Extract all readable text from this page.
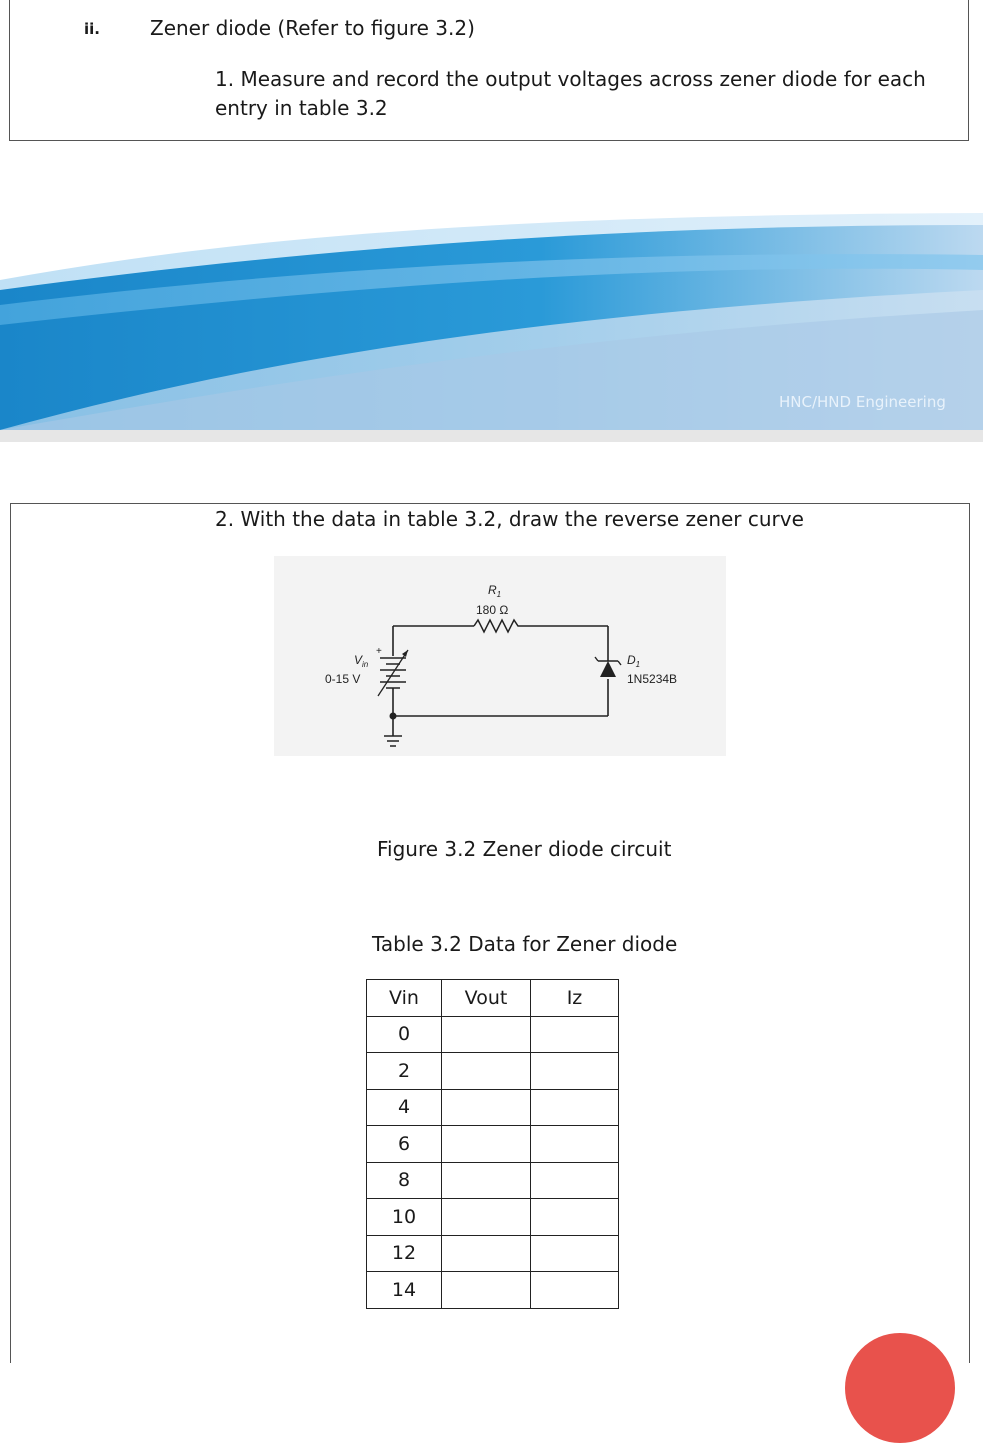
ii.	Zener diode (Refer to figure 3.2)
1. Measure and record the output voltages across zener diode for each entry in table 3.2
HNC/HND Engineering
2. With the data in table 3.2, draw the reverse zener curve
$R_1$
180 Ω
$V_{in}$
+
0-15 V
$D_1$
1N5234B
Figure 3.2 Zener diode circuit
Table 3.2 Data for Zener diode
Vin	Vout	Iz
0		
2		
4		
6		
8		
10		
12		
14		
